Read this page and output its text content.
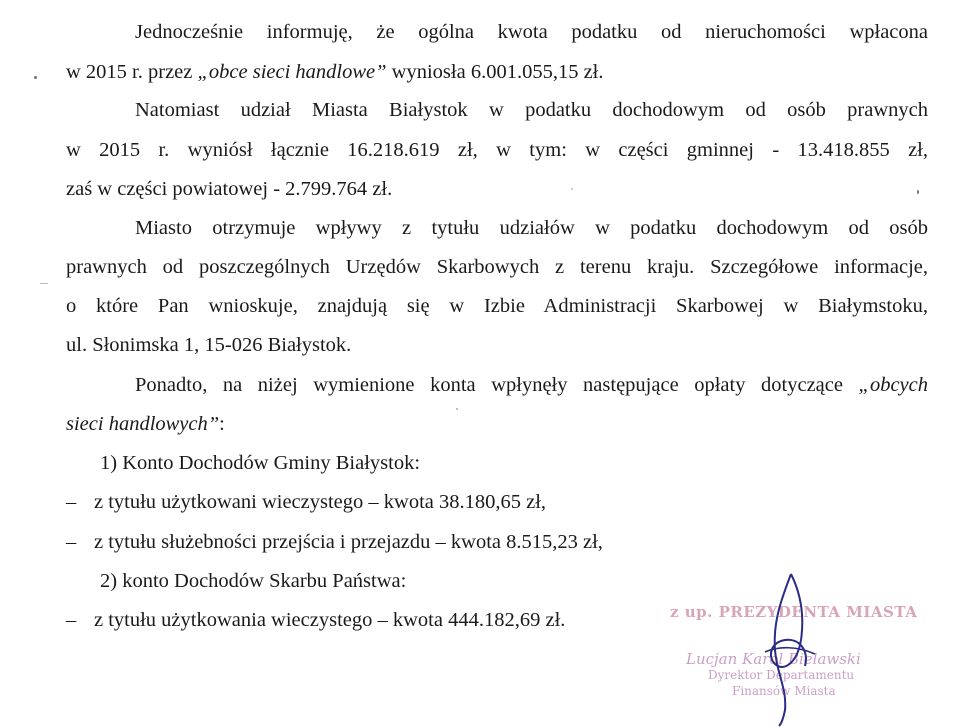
Jednocześnie informuję, że ogólna kwota podatku od nieruchomości wpłacona
w 2015 r. przez „obce sieci handlowe” wyniosła 6.001.055,15 zł.
Natomiast udział Miasta Białystok w podatku dochodowym od osób prawnych
w 2015 r. wyniósł łącznie 16.218.619 zł, w tym: w części gminnej - 13.418.855 zł,
zaś w części powiatowej - 2.799.764 zł.
Miasto otrzymuje wpływy z tytułu udziałów w podatku dochodowym od osób
prawnych od poszczególnych Urzędów Skarbowych z terenu kraju. Szczegółowe informacje,
o które Pan wnioskuje, znajdują się w Izbie Administracji Skarbowej w Białymstoku,
ul. Słonimska 1, 15-026 Białystok.
Ponadto, na niżej wymienione konta wpłynęły następujące opłaty dotyczące „obcych
sieci handlowych”:
1) Konto Dochodów Gminy Białystok:
– z tytułu użytkowani wieczystego – kwota 38.180,65 zł,
– z tytułu służebności przejścia i przejazdu – kwota 8.515,23 zł,
2) konto Dochodów Skarbu Państwa:
– z tytułu użytkowania wieczystego – kwota 444.182,69 zł.	z up. PREZYDENTA MIASTA
Lucjan Karol Bielawski
Dyrektor Departamentu
Finansów Miasta
